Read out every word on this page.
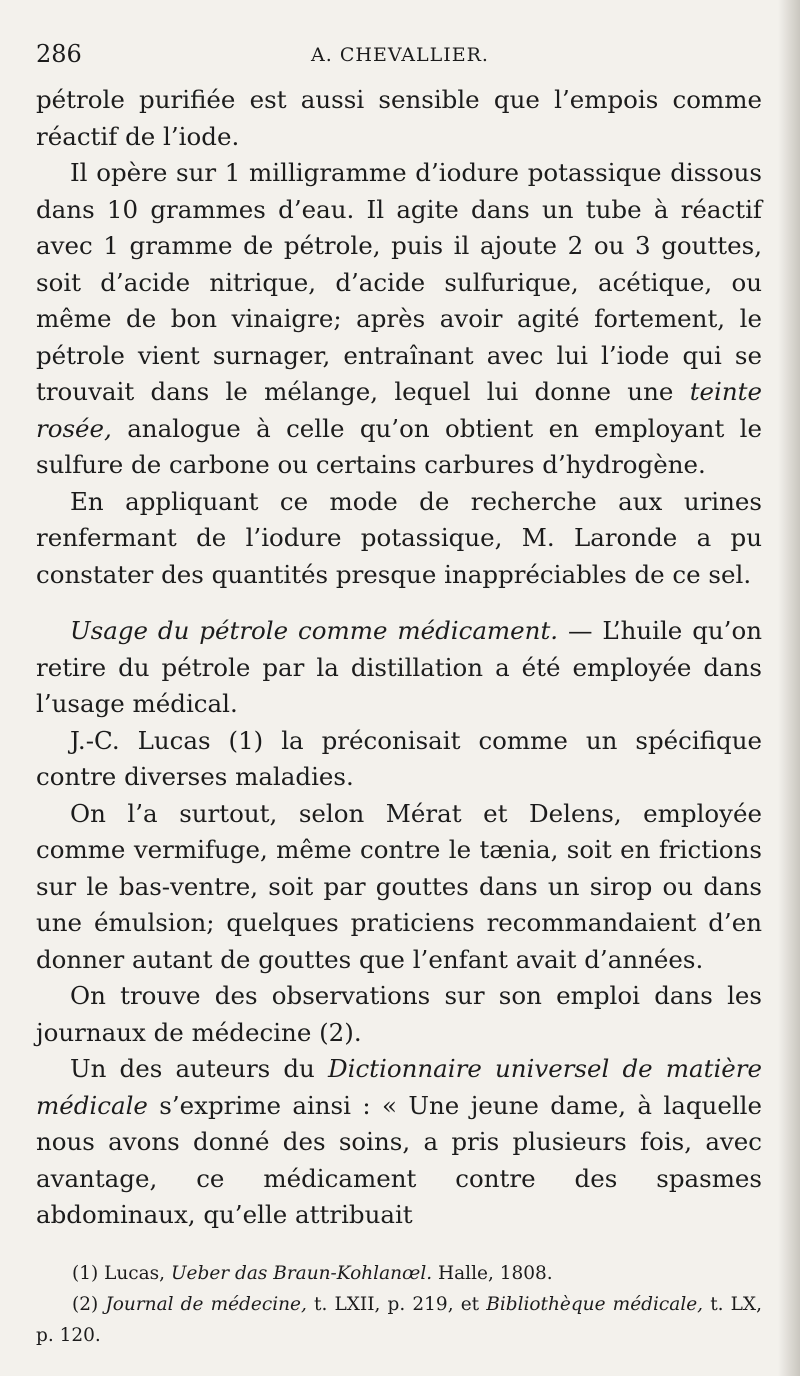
286	A. CHEVALLIER.

pétrole purifiée est aussi sensible que l’empois comme réactif de l’iode.

Il opère sur 1 milligramme d’iodure potassique dissous dans 10 grammes d’eau. Il agite dans un tube à réactif avec 1 gramme de pétrole, puis il ajoute 2 ou 3 gouttes, soit d’acide nitrique, d’acide sulfurique, acétique, ou même de bon vinaigre; après avoir agité fortement, le pétrole vient surnager, entraînant avec lui l’iode qui se trouvait dans le mélange, lequel lui donne une teinte rosée, analogue à celle qu’on obtient en employant le sulfure de carbone ou certains carbures d’hydrogène.

En appliquant ce mode de recherche aux urines renfermant de l’iodure potassique, M. Laronde a pu constater des quantités presque inappréciables de ce sel.

Usage du pétrole comme médicament. — L’huile qu’on retire du pétrole par la distillation a été employée dans l’usage médical.

J.-C. Lucas (1) la préconisait comme un spécifique contre diverses maladies.

On l’a surtout, selon Mérat et Delens, employée comme vermifuge, même contre le tænia, soit en frictions sur le bas-ventre, soit par gouttes dans un sirop ou dans une émulsion; quelques praticiens recommandaient d’en donner autant de gouttes que l’enfant avait d’années.

On trouve des observations sur son emploi dans les journaux de médecine (2).

Un des auteurs du Dictionnaire universel de matière médicale s’exprime ainsi : « Une jeune dame, à laquelle nous avons donné des soins, a pris plusieurs fois, avec avantage, ce médicament contre des spasmes abdominaux, qu’elle attribuait

(1) Lucas, Ueber das Braun-Kohlanœl. Halle, 1808.

(2) Journal de médecine, t. LXII, p. 219, et Bibliothèque médicale, t. LX, p. 120.
